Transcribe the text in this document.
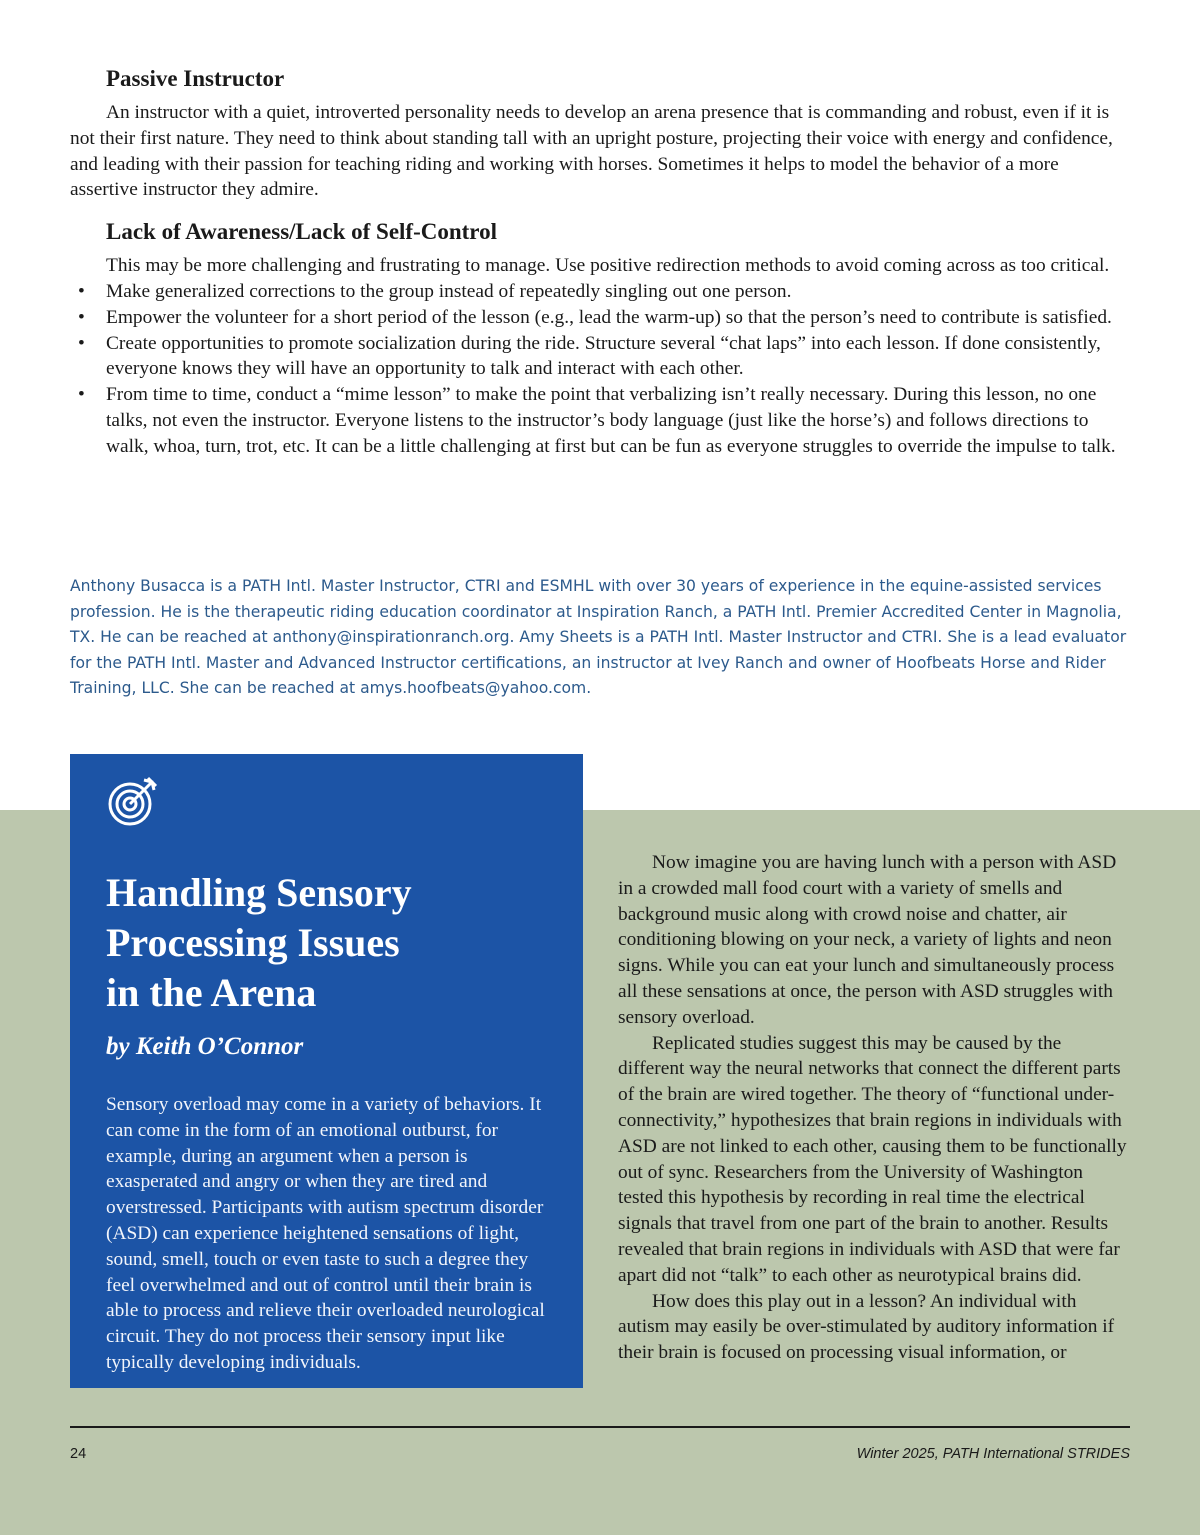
Passive Instructor

An instructor with a quiet, introverted personality needs to develop an arena presence that is commanding and robust, even if it is not their first nature. They need to think about standing tall with an upright posture, projecting their voice with energy and confidence, and leading with their passion for teaching riding and working with horses. Sometimes it helps to model the behavior of a more assertive instructor they admire.

Lack of Awareness/Lack of Self-Control

This may be more challenging and frustrating to manage. Use positive redirection methods to avoid coming across as too critical.

• Make generalized corrections to the group instead of repeatedly singling out one person.
• Empower the volunteer for a short period of the lesson (e.g., lead the warm-up) so that the person’s need to contribute is satisfied.
• Create opportunities to promote socialization during the ride. Structure several “chat laps” into each lesson. If done consistently, everyone knows they will have an opportunity to talk and interact with each other.
• From time to time, conduct a “mime lesson” to make the point that verbalizing isn’t really necessary. During this lesson, no one talks, not even the instructor. Everyone listens to the instructor’s body language (just like the horse’s) and follows directions to walk, whoa, turn, trot, etc. It can be a little challenging at first but can be fun as everyone struggles to override the impulse to talk.
Anthony Busacca is a PATH Intl. Master Instructor, CTRI and ESMHL with over 30 years of experience in the equine-assisted services profession. He is the therapeutic riding education coordinator at Inspiration Ranch, a PATH Intl. Premier Accredited Center in Magnolia, TX. He can be reached at anthony@inspirationranch.org. Amy Sheets is a PATH Intl. Master Instructor and CTRI. She is a lead evaluator for the PATH Intl. Master and Advanced Instructor certifications, an instructor at Ivey Ranch and owner of Hoofbeats Horse and Rider Training, LLC. She can be reached at amys.hoofbeats@yahoo.com.
Handling Sensory
Processing Issues
in the Arena

by Keith O’Connor

Sensory overload may come in a variety of behaviors. It can come in the form of an emotional outburst, for example, during an argument when a person is exasperated and angry or when they are tired and overstressed. Participants with autism spectrum disorder (ASD) can experience heightened sensations of light, sound, smell, touch or even taste to such a degree they feel overwhelmed and out of control until their brain is able to process and relieve their overloaded neurological circuit. They do not process their sensory input like typically developing individuals.

Now imagine you are having lunch with a person with ASD in a crowded mall food court with a variety of smells and background music along with crowd noise and chatter, air conditioning blowing on your neck, a variety of lights and neon signs. While you can eat your lunch and simultaneously process all these sensations at once, the person with ASD struggles with sensory overload.

Replicated studies suggest this may be caused by the different way the neural networks that connect the different parts of the brain are wired together. The theory of “functional under-connectivity,” hypothesizes that brain regions in individuals with ASD are not linked to each other, causing them to be functionally out of sync. Researchers from the University of Washington tested this hypothesis by recording in real time the electrical signals that travel from one part of the brain to another. Results revealed that brain regions in individuals with ASD that were far apart did not “talk” to each other as neurotypical brains did.

How does this play out in a lesson? An individual with autism may easily be over-stimulated by auditory information if their brain is focused on processing visual information, or

24	Winter 2025, PATH International STRIDES
